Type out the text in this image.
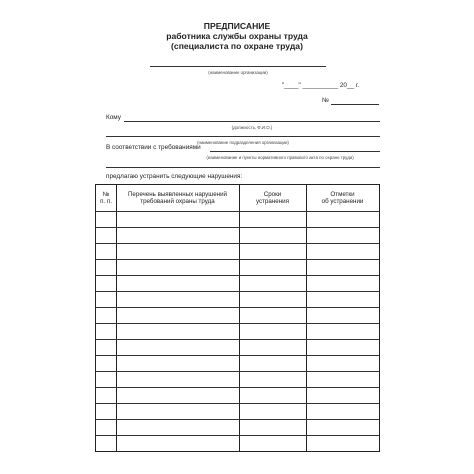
ПРЕДПИСАНИЕ
работника службы охраны труда
(специалиста по охране труда)
(наименование организации)
"____" __________ 20__ г.
№
Кому
(должность, Ф.И.О.)
(наименование подразделения организации)
В соответствии с требованиями
(наименование и пункты нормативного правового акта по охране труда)
предлагаю устранить следующие нарушения:
№
п. п.
Перечень выявленных нарушений
требований охраны труда
Сроки
устранения
Отметки
об устранении
